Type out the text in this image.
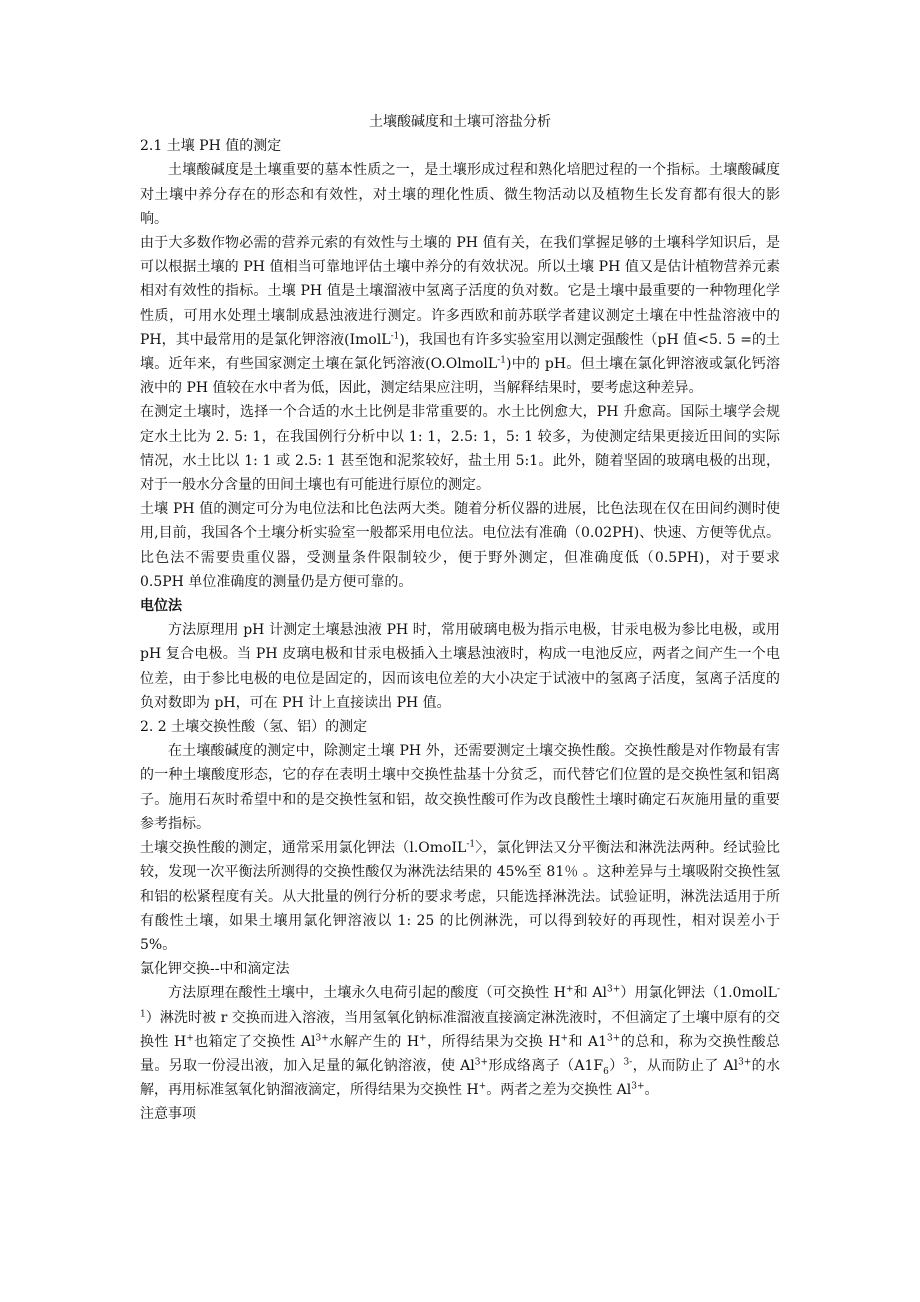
土壤酸碱度和土壤可溶盐分析

2.1 土壤 PH 值的测定

土壤酸碱度是土壤重要的墓本性质之一，是土壤形成过程和熟化培肥过程的一个指标。土壤酸碱度对土壤中养分存在的形态和有效性，对土壤的理化性质、微生物活动以及植物生长发育都有很大的影响。

由于大多数作物必需的营养元索的有效性与土壤的 PH 值有关，在我们掌握足够的土壤科学知识后，是可以根据土壤的 PH 值相当可靠地评估土壤中养分的有效状况。所以土壤 PH 值又是估计植物营养元素相对有效性的指标。土壤 PH 值是土壤溜液中氢离子活度的负对数。它是土壤中最重要的一种物理化学性质，可用水处理土壤制成悬浊液进行测定。许多西欧和前苏联学者建议测定土壤在中性盐溶液中的 PH，其中最常用的是氯化钾溶液(ImolL$^{-1}$)，我国也有许多实验室用以测定强酸性（pH 值<5. 5 =的土壤。近年来，有些国家测定土壤在氯化钙溶液(O.OlmolL$^{-1}$)中的 pH。但土壤在氯化钾溶液或氯化钙溶液中的 PH 值较在水中者为低，因此，测定结果应注明，当解释结果时，要考虑这种差异。

在测定土壤时，选择一个合适的水土比例是非常重要的。水土比例愈大，PH 升愈高。国际土壤学会规定水土比为 2. 5: 1，在我国例行分析中以 1: 1，2.5: 1，5: 1 较多，为使测定结果更接近田间的实际情况，水土比以 1: 1 或 2.5: 1 甚至饱和泥浆较好，盐土用 5:1。此外，随着坚固的玻璃电极的出现，对于一般水分含量的田间土壤也有可能进行原位的测定。

土壤 PH 值的测定可分为电位法和比色法两大类。随着分析仪器的进展，比色法现在仅在田间约测时使用,目前，我国各个土壤分析实验室一般都采用电位法。电位法有准确（0.02PH)、快速、方便等优点。比色法不需要贵重仪器，受测量条件限制较少，便于野外测定，但准确度低（0.5PH)，对于要求 0.5PH 单位准确度的测量仍是方便可靠的。

电位法

方法原理用 pH 计测定土壤悬浊液 PH 时，常用破璃电极为指示电极，甘汞电极为参比电极，或用 pH 复合电极。当 PH 皮璃电极和甘汞电极插入土壤悬浊液时，构成一电池反应，两者之间产生一个电位差，由于参比电极的电位是固定的，因而该电位差的大小决定于试液中的氢离子活度，氢离子活度的负对数即为 pH，可在 PH 计上直接读出 PH 值。

2. 2 土壤交换性酸（氢、铝）的测定

在土壤酸碱度的测定中，除测定土壤 PH 外，还需要测定土壤交换性酸。交换性酸是对作物最有害的一种土壤酸度形态，它的存在表明土壤中交换性盐基十分贫乏，而代替它们位置的是交换性氢和铝离子。施用石灰时希望中和的是交换性氢和铝，故交换性酸可作为改良酸性土壤时确定石灰施用量的重要参考指标。

土壤交换性酸的测定，通常采用氯化钾法（l.OmoIL$^{-1}$〉，氯化钾法又分平衡法和淋洗法两种。经试验比较，发现一次平衡法所测得的交换性酸仅为淋洗法结果的 45%至 81％ 。这种差异与土壤吸附交换性氢和铝的松紧程度有关。从大批量的例行分析的要求考虑，只能选择淋洗法。试验证明，淋洗法适用于所有酸性土壤，如果土壤用氯化钾溶液以 1: 25 的比例淋洗，可以得到较好的再现性，相对误差小于 5%。

氯化钾交换--中和滴定法

方法原理在酸性土壤中，土壤永久电荷引起的酸度（可交换性 H+和 $Al^{3+}$）用氯化钾法（1.0molL$^{-1}$）淋洗时被 r 交换而进入溶液，当用氢氧化钠标准溜液直接滴定淋洗液时，不但滴定了土壤中原有的交换性 H+也箱定了交换性 $Al^{3+}$水解产生的 H+，所得结果为交换 H+和 $A1^{3+}$的总和，称为交换性酸总量。另取一份浸出液，加入足量的氟化钠溶液，使 $Al^{3+}$形成络离子$(A1F_6)^{3-}$，从而防止了 $Al^{3+}$的水解，再用标准氢氧化钠溜液滴定，所得结果为交换性 H+。两者之差为交换性 $Al^{3+}$。

注意事项
